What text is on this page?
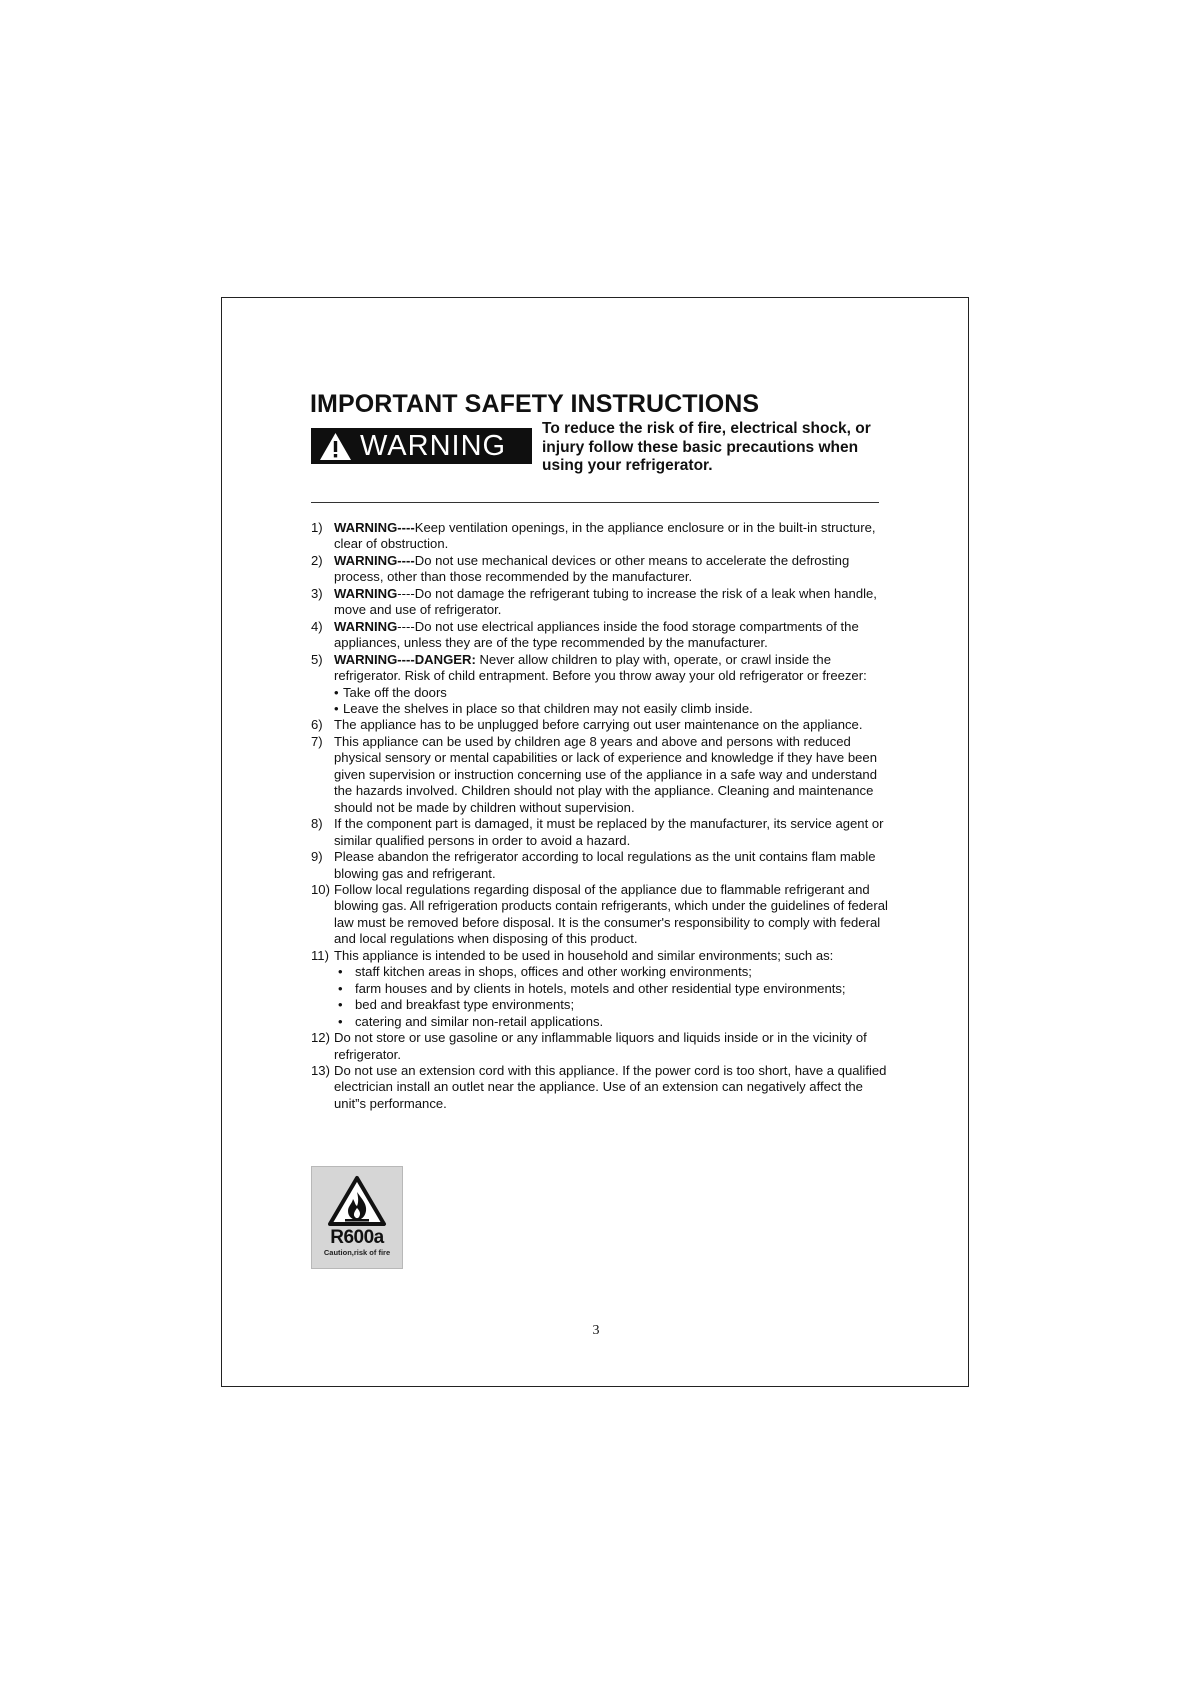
IMPORTANT SAFETY INSTRUCTIONS
WARNING

To reduce the risk of fire, electrical shock, or injury follow these basic precautions when using your refrigerator.

1) WARNING----Keep ventilation openings, in the appliance enclosure or in the built-in structure, clear of obstruction.
2) WARNING----Do not use mechanical devices or other means to accelerate the defrosting process, other than those recommended by the manufacturer.
3) WARNING----Do not damage the refrigerant tubing to increase the risk of a leak when handle, move and use of refrigerator.
4) WARNING----Do not use electrical appliances inside the food storage compartments of the appliances, unless they are of the type recommended by the manufacturer.
5) WARNING----DANGER: Never allow children to play with, operate, or crawl inside the refrigerator. Risk of child entrapment. Before you throw away your old refrigerator or freezer:
• Take off the doors
• Leave the shelves in place so that children may not easily climb inside.
6) The appliance has to be unplugged before carrying out user maintenance on the appliance.
7) This appliance can be used by children age 8 years and above and persons with reduced physical sensory or mental capabilities or lack of experience and knowledge if they have been given supervision or instruction concerning use of the appliance in a safe way and understand the hazards involved. Children should not play with the appliance. Cleaning and maintenance should not be made by children without supervision.
8) If the component part is damaged, it must be replaced by the manufacturer, its service agent or similar qualified persons in order to avoid a hazard.
9) Please abandon the refrigerator according to local regulations as the unit contains flam mable blowing gas and refrigerant.
10) Follow local regulations regarding disposal of the appliance due to flammable refrigerant and blowing gas. All refrigeration products contain refrigerants, which under the guidelines of federal law must be removed before disposal. It is the consumer's responsibility to comply with federal and local regulations when disposing of this product.
11) This appliance is intended to be used in household and similar environments; such as:
• staff kitchen areas in shops, offices and other working environments;
• farm houses and by clients in hotels, motels and other residential type environments;
• bed and breakfast type environments;
• catering and similar non-retail applications.
12) Do not store or use gasoline or any inflammable liquors and liquids inside or in the vicinity of refrigerator.
13) Do not use an extension cord with this appliance. If the power cord is too short, have a qualified electrician install an outlet near the appliance. Use of an extension can negatively affect the unit”s performance.
R600a
Caution,risk of fire
3
